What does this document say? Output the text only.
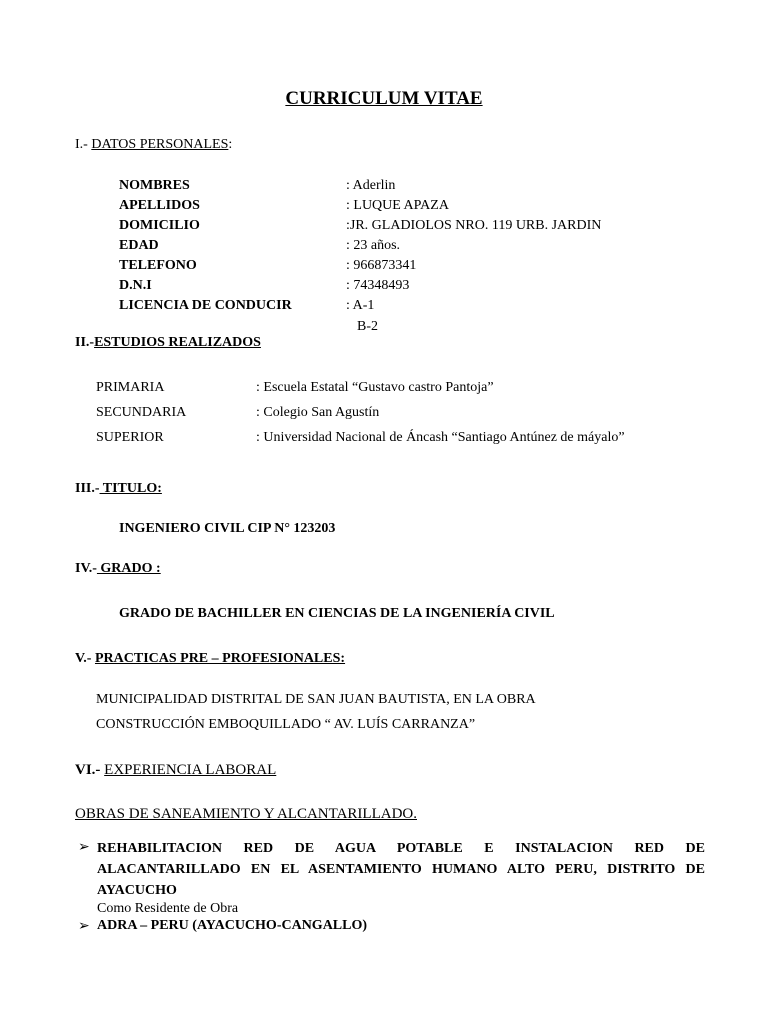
CURRICULUM VITAE
I.- DATOS PERSONALES:
NOMBRES	: Aderlin
APELLIDOS	: LUQUE APAZA
DOMICILIO	:JR. GLADIOLOS NRO. 119 URB. JARDIN
EDAD	: 23 años.
TELEFONO	: 966873341
D.N.I	: 74348493
LICENCIA DE CONDUCIR	: A-1
B-2
II.-ESTUDIOS REALIZADOS
PRIMARIA	: Escuela Estatal “Gustavo castro Pantoja”
SECUNDARIA	: Colegio San Agustín
SUPERIOR	: Universidad Nacional de Áncash “Santiago Antúnez de máyalo”
III.- TITULO:
INGENIERO CIVIL CIP N° 123203
IV.- GRADO :
GRADO DE BACHILLER EN CIENCIAS DE LA INGENIERÍA CIVIL
V.- PRACTICAS PRE – PROFESIONALES:
MUNICIPALIDAD DISTRITAL DE SAN JUAN BAUTISTA, EN LA OBRA
CONSTRUCCIÓN EMBOQUILLADO “ AV. LUÍS CARRANZA”
VI.- EXPERIENCIA LABORAL
OBRAS DE SANEAMIENTO Y ALCANTARILLADO.
➢ REHABILITACION RED DE AGUA POTABLE E INSTALACION RED DE ALACANTARILLADO EN EL ASENTAMIENTO HUMANO ALTO PERU, DISTRITO DE AYACUCHO
Como Residente de Obra
➢ ADRA – PERU (AYACUCHO-CANGALLO)
